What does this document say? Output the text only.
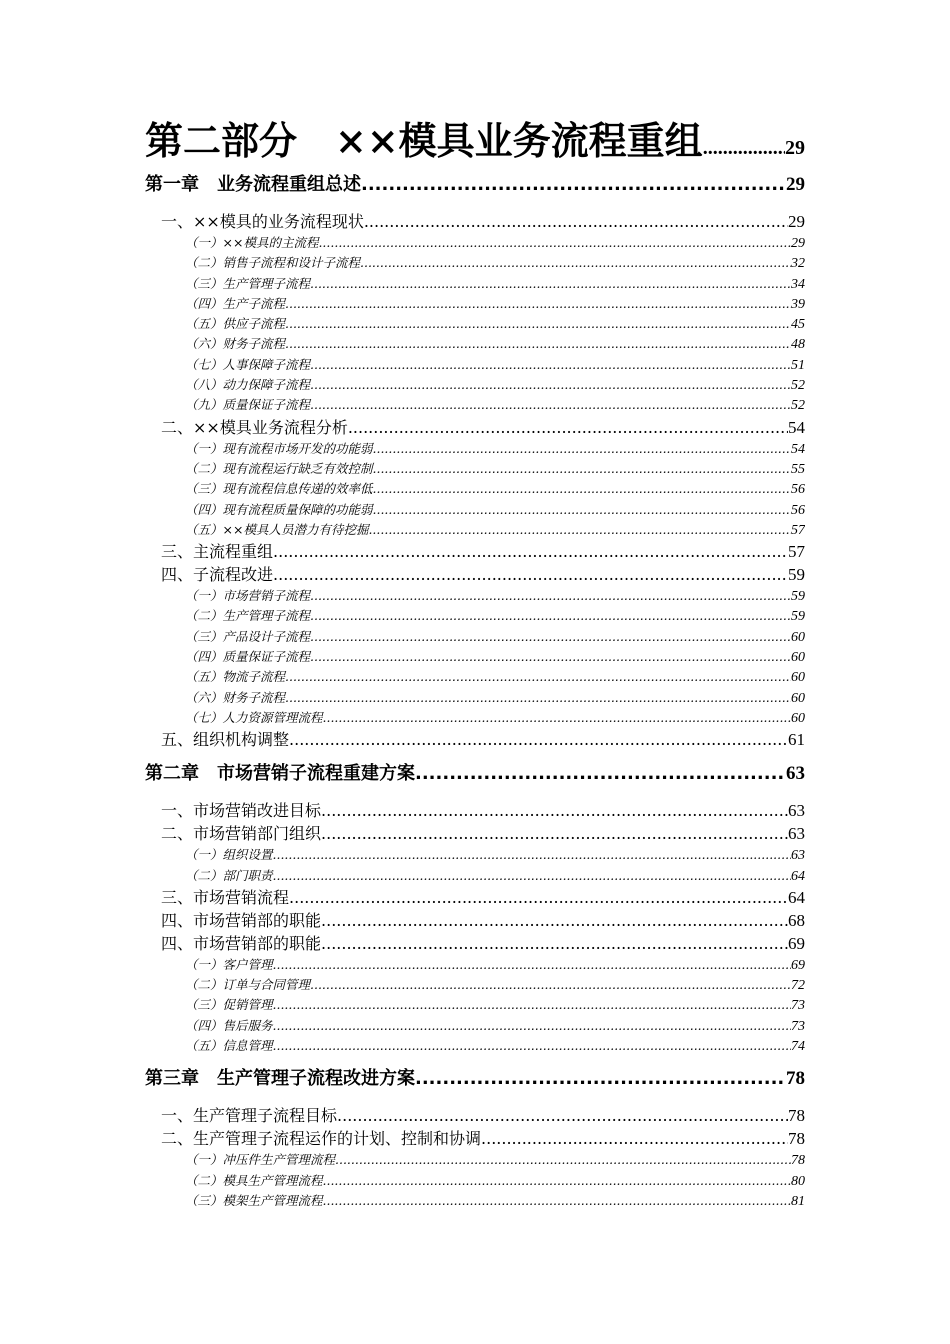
第二部分　××模具业务流程重组 .....	29
第一章　业务流程重组总述 .....	29
一、××模具的业务流程现状 .....	29
（一）××模具的主流程 .....	29
（二）销售子流程和设计子流程 .....	32
（三）生产管理子流程 .....	34
（四）生产子流程 .....	39
（五）供应子流程 .....	45
（六）财务子流程 .....	48
（七）人事保障子流程 .....	51
（八）动力保障子流程 .....	52
（九）质量保证子流程 .....	52
二、××模具业务流程分析 .....	54
（一）现有流程市场开发的功能弱 .....	54
（二）现有流程运行缺乏有效控制 .....	55
（三）现有流程信息传递的效率低 .....	56
（四）现有流程质量保障的功能弱 .....	56
（五）××模具人员潜力有待挖掘 .....	57
三、主流程重组 .....	57
四、子流程改进 .....	59
（一）市场营销子流程 .....	59
（二）生产管理子流程 .....	59
（三）产品设计子流程 .....	60
（四）质量保证子流程 .....	60
（五）物流子流程 .....	60
（六）财务子流程 .....	60
（七）人力资源管理流程 .....	60
五、组织机构调整 .....	61
第二章　市场营销子流程重建方案 .....	63
一、市场营销改进目标 .....	63
二、市场营销部门组织 .....	63
（一）组织设置 .....	63
（二）部门职责 .....	64
三、市场营销流程 .....	64
四、市场营销部的职能 .....	68
四、市场营销部的职能 .....	69
（一）客户管理 .....	69
（二）订单与合同管理 .....	72
（三）促销管理 .....	73
（四）售后服务 .....	73
（五）信息管理 .....	74
第三章　生产管理子流程改进方案 .....	78
一、生产管理子流程目标 .....	78
二、生产管理子流程运作的计划、控制和协调 .....	78
（一）冲压件生产管理流程 .....	78
（二）模具生产管理流程 .....	80
（三）模架生产管理流程 .....	81
